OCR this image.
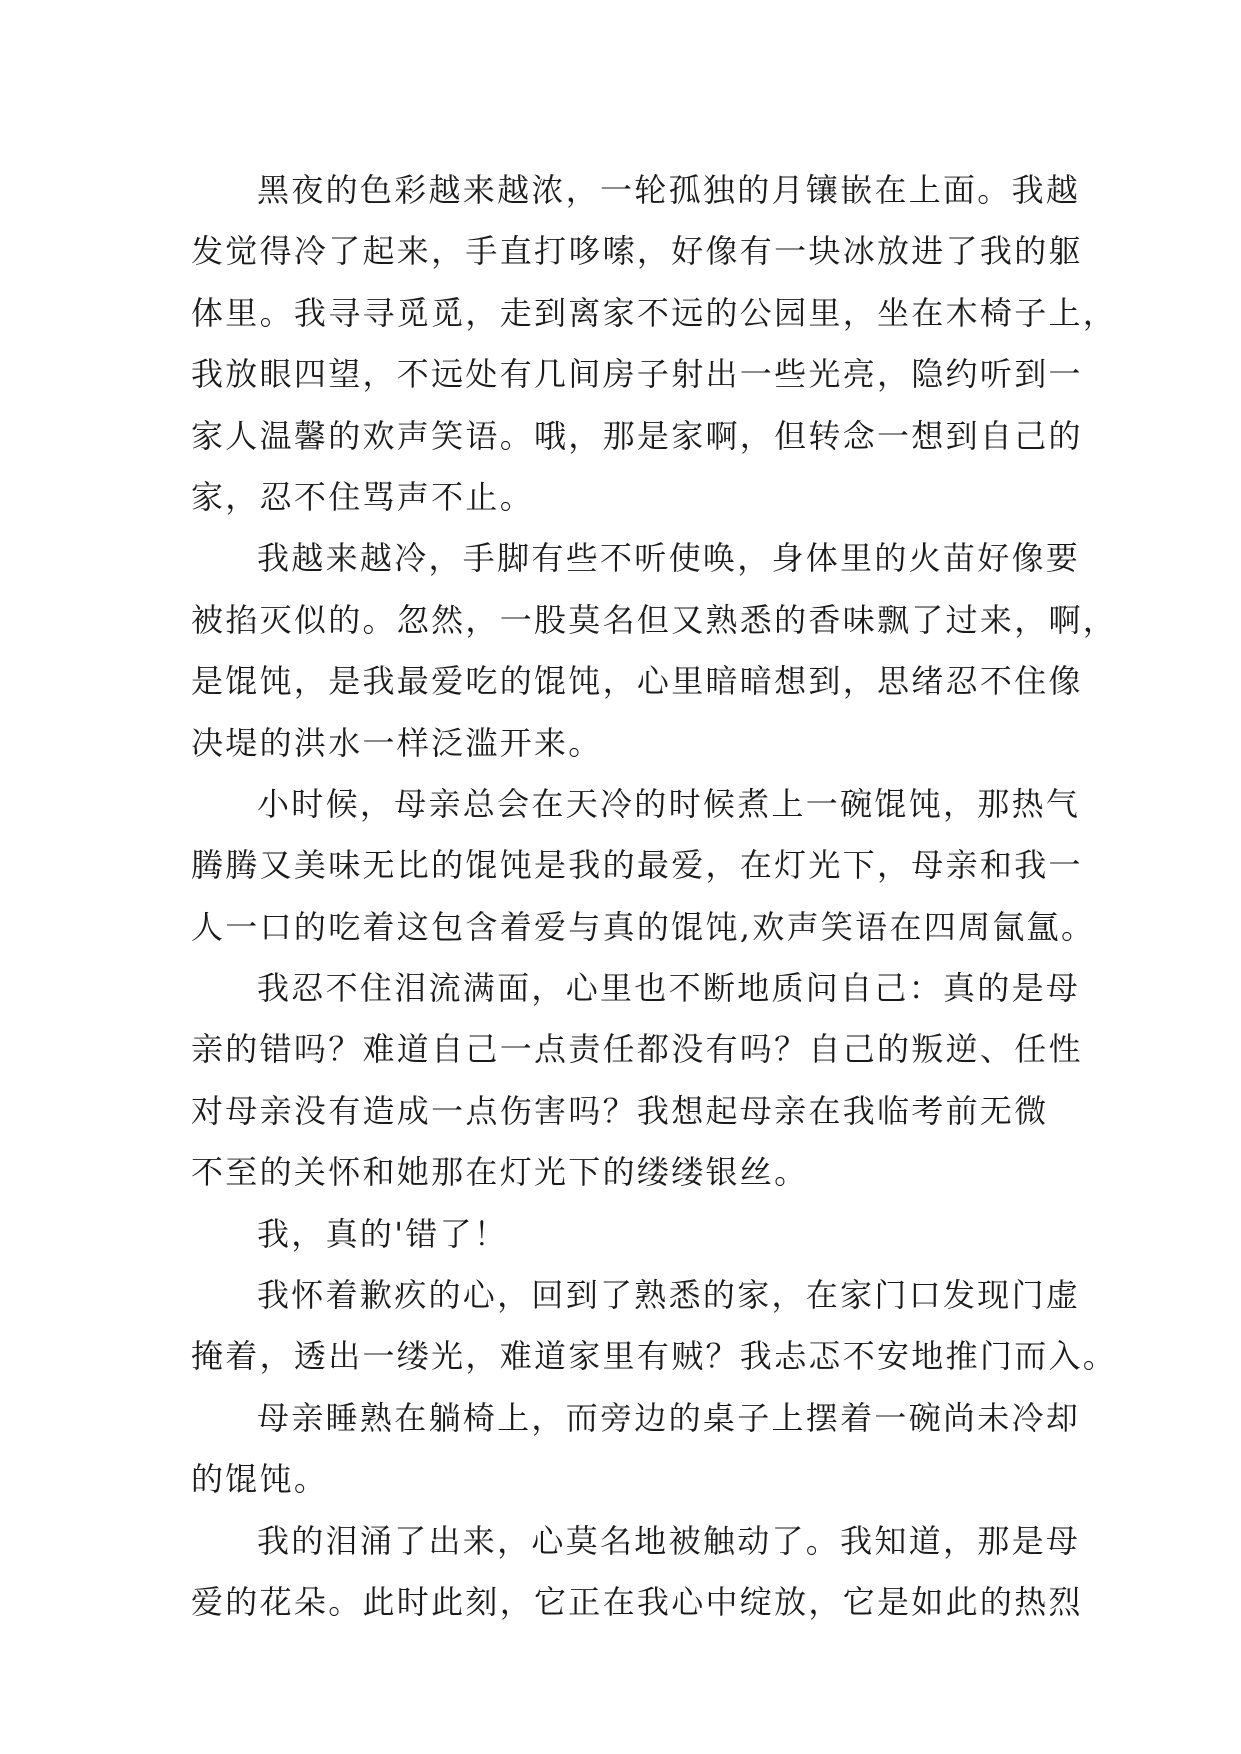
黑夜的色彩越来越浓，一轮孤独的月镶嵌在上面。我越
发觉得冷了起来，手直打哆嗦，好像有一块冰放进了我的躯
体里。我寻寻觅觅，走到离家不远的公园里，坐在木椅子上，
我放眼四望，不远处有几间房子射出一些光亮，隐约听到一
家人温馨的欢声笑语。哦，那是家啊，但转念一想到自己的
家，忍不住骂声不止。
我越来越冷，手脚有些不听使唤，身体里的火苗好像要
被掐灭似的。忽然，一股莫名但又熟悉的香味飘了过来，啊，
是馄饨，是我最爱吃的馄饨，心里暗暗想到，思绪忍不住像
决堤的洪水一样泛滥开来。
小时候，母亲总会在天冷的时候煮上一碗馄饨，那热气
腾腾又美味无比的馄饨是我的最爱，在灯光下，母亲和我一
人一口的吃着这包含着爱与真的馄饨,欢声笑语在四周氤氲。
我忍不住泪流满面，心里也不断地质问自己：真的是母
亲的错吗？难道自己一点责任都没有吗？自己的叛逆、任性
对母亲没有造成一点伤害吗？我想起母亲在我临考前无微
不至的关怀和她那在灯光下的缕缕银丝。
我，真的'错了！
我怀着歉疚的心，回到了熟悉的家，在家门口发现门虚
掩着，透出一缕光，难道家里有贼？我忐忑不安地推门而入。
母亲睡熟在躺椅上，而旁边的桌子上摆着一碗尚未冷却
的馄饨。
我的泪涌了出来，心莫名地被触动了。我知道，那是母
爱的花朵。此时此刻，它正在我心中绽放，它是如此的热烈
